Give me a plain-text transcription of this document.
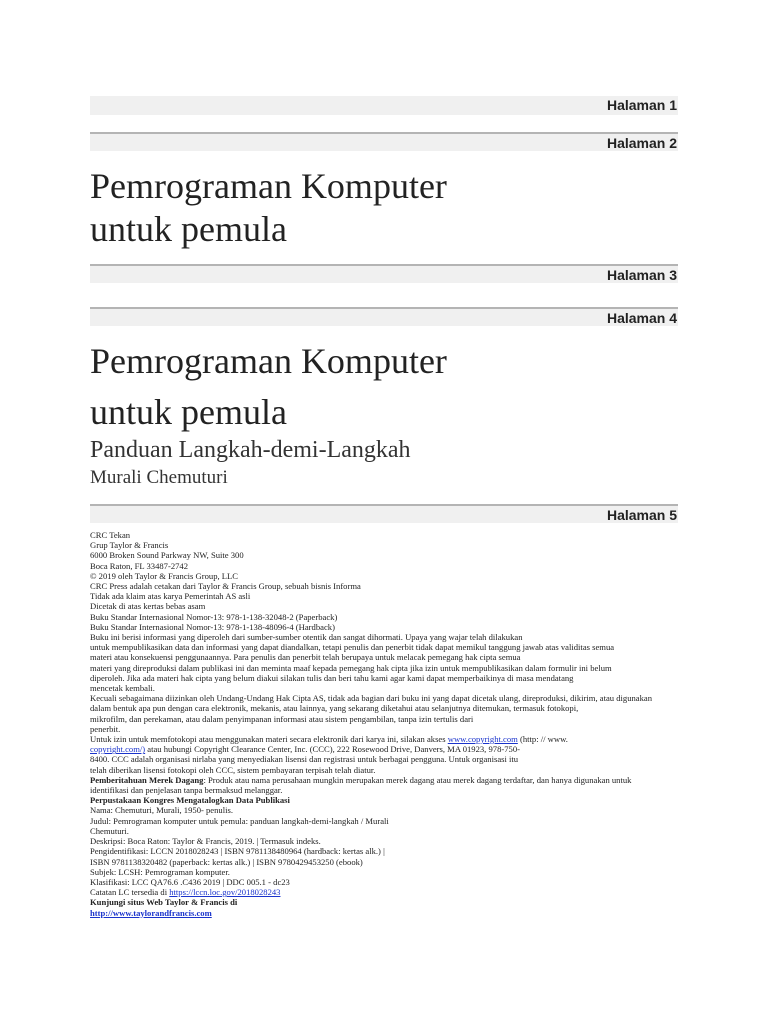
Halaman 1
Halaman 2
Pemrograman Komputer
untuk pemula
Halaman 3
Halaman 4
Pemrograman Komputer
untuk pemula
Panduan Langkah-demi-Langkah
Murali Chemuturi
Halaman 5
CRC Tekan
Grup Taylor & Francis
6000 Broken Sound Parkway NW, Suite 300
Boca Raton, FL 33487-2742
© 2019 oleh Taylor & Francis Group, LLC
CRC Press adalah cetakan dari Taylor & Francis Group, sebuah bisnis Informa
Tidak ada klaim atas karya Pemerintah AS asli
Dicetak di atas kertas bebas asam
Buku Standar Internasional Nomor-13: 978-1-138-32048-2 (Paperback)
Buku Standar Internasional Nomor-13: 978-1-138-48096-4 (Hardback)
Buku ini berisi informasi yang diperoleh dari sumber-sumber otentik dan sangat dihormati. Upaya yang wajar telah dilakukan
untuk mempublikasikan data dan informasi yang dapat diandalkan, tetapi penulis dan penerbit tidak dapat memikul tanggung jawab atas validitas semua
materi atau konsekuensi penggunaannya. Para penulis dan penerbit telah berupaya untuk melacak pemegang hak cipta semua
materi yang direproduksi dalam publikasi ini dan meminta maaf kepada pemegang hak cipta jika izin untuk mempublikasikan dalam formulir ini belum
diperoleh. Jika ada materi hak cipta yang belum diakui silakan tulis dan beri tahu kami agar kami dapat memperbaikinya di masa mendatang
mencetak kembali.
Kecuali sebagaimana diizinkan oleh Undang-Undang Hak Cipta AS, tidak ada bagian dari buku ini yang dapat dicetak ulang, direproduksi, dikirim, atau digunakan
dalam bentuk apa pun dengan cara elektronik, mekanis, atau lainnya, yang sekarang diketahui atau selanjutnya ditemukan, termasuk fotokopi,
mikrofilm, dan perekaman, atau dalam penyimpanan informasi atau sistem pengambilan, tanpa izin tertulis dari
penerbit.
Untuk izin untuk memfotokopi atau menggunakan materi secara elektronik dari karya ini, silakan akses www.copyright.com (http: // www.
copyright.com/) atau hubungi Copyright Clearance Center, Inc. (CCC), 222 Rosewood Drive, Danvers, MA 01923, 978-750-
8400. CCC adalah organisasi nirlaba yang menyediakan lisensi dan registrasi untuk berbagai pengguna. Untuk organisasi itu
telah diberikan lisensi fotokopi oleh CCC, sistem pembayaran terpisah telah diatur.
Pemberitahuan Merek Dagang: Produk atau nama perusahaan mungkin merupakan merek dagang atau merek dagang terdaftar, dan hanya digunakan untuk
identifikasi dan penjelasan tanpa bermaksud melanggar.
Perpustakaan Kongres Mengatalogkan Data Publikasi
Nama: Chemuturi, Murali, 1950- penulis.
Judul: Pemrograman komputer untuk pemula: panduan langkah-demi-langkah / Murali
Chemuturi.
Deskripsi: Boca Raton: Taylor & Francis, 2019. | Termasuk indeks.
Pengidentifikasi: LCCN 2018028243 | ISBN 9781138480964 (hardback: kertas alk.) |
ISBN 9781138320482 (paperback: kertas alk.) | ISBN 9780429453250 (ebook)
Subjek: LCSH: Pemrograman komputer.
Klasifikasi: LCC QA76.6 .C436 2019 | DDC 005.1 - dc23
Catatan LC tersedia di https://lccn.loc.gov/2018028243
Kunjungi situs Web Taylor & Francis di
http://www.taylorandfrancis.com
